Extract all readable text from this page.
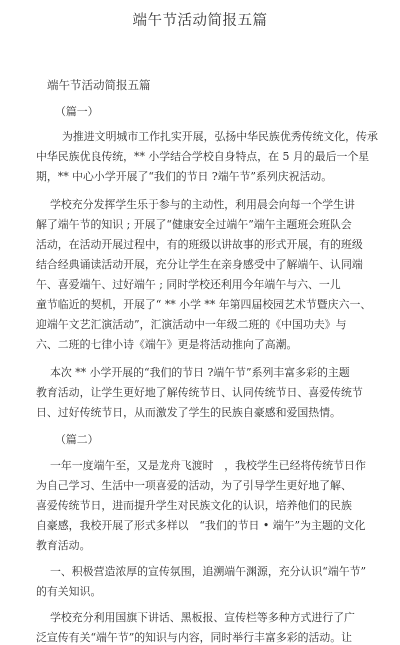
端午节活动简报五篇
端午节活动简报五篇
（篇一）
为推进文明城市工作扎实开展，弘扬中华民族优秀传统文化，传承
中华民族优良传统，** 小学结合学校自身特点，在 5 月的最后一个星
期，** 中心小学开展了“我们的节日 ?端午节”系列庆祝活动。
学校充分发挥学生乐于参与的主动性，利用晨会向每一个学生讲
解了端午节的知识 ; 开展了“健康安全过端午”端午主题班会班队会
活动，在活动开展过程中，有的班级以讲故事的形式开展，有的班级
结合经典诵读活动开展，充分让学生在亲身感受中了解端午、认同端
午、喜爱端午、过好端午 ; 同时学校还利用今年端午与六、一儿
童节临近的契机，开展了“ ** 小学 ** 年第四届校园艺术节暨庆六一、
迎端午文艺汇演活动”，汇演活动中一年级二班的《中国功夫》与
六、二班的七律小诗《端午》更是将活动推向了高潮。
本次 ** 小学开展的“我们的节日 ?端午节”系列丰富多彩的主题
教育活动，让学生更好地了解传统节日、认同传统节日、喜爱传统节
日、过好传统节日，从而激发了学生的民族自豪感和爱国热情。
（篇二）
一年一度端午至，又是龙舟飞渡时　，我校学生已经将传统节日作
为自己学习、生活中一项喜爱的活动，为了引导学生更好地了解、
喜爱传统节日，进而提升学生对民族文化的认识，培养他们的民族
自豪感，我校开展了形式多样以　“我们的节日 • 端午”为主题的文化
教育活动。
一、积极营造浓厚的宣传氛围，追溯端午渊源，充分认识“端午节”
的有关知识。
学校充分利用国旗下讲话、黑板报、宣传栏等多种方式进行了广
泛宣传有关“端午节”的知识与内容，同时举行丰富多彩的活动。让
